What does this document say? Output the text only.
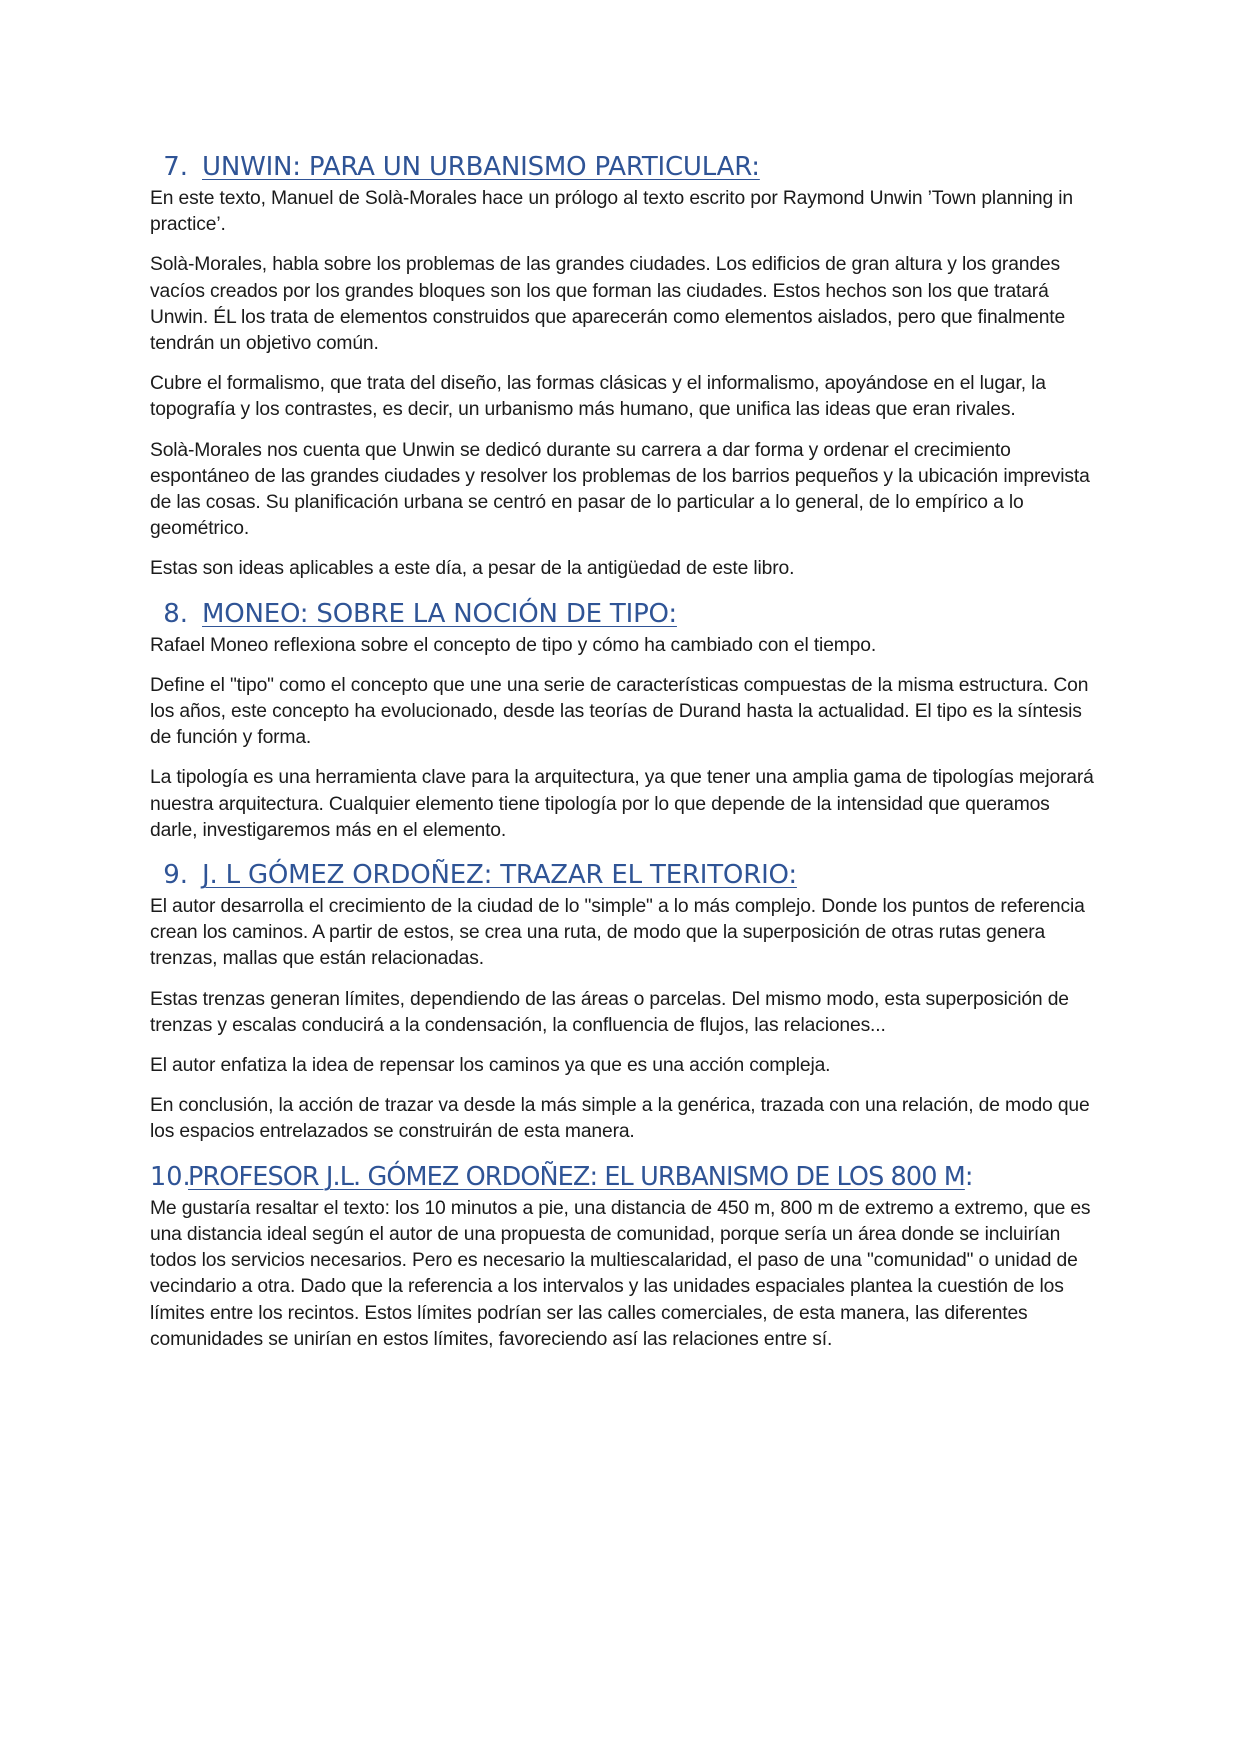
7. UNWIN: PARA UN URBANISMO PARTICULAR:

En este texto, Manuel de Solà-Morales hace un prólogo al texto escrito por Raymond Unwin ’Town planning in practice’.

Solà-Morales, habla sobre los problemas de las grandes ciudades. Los edificios de gran altura y los grandes vacíos creados por los grandes bloques son los que forman las ciudades. Estos hechos son los que tratará Unwin. ÉL los trata de elementos construidos que aparecerán como elementos aislados, pero que finalmente tendrán un objetivo común.

Cubre el formalismo, que trata del diseño, las formas clásicas y el informalismo, apoyándose en el lugar, la topografía y los contrastes, es decir, un urbanismo más humano, que unifica las ideas que eran rivales.

Solà-Morales nos cuenta que Unwin se dedicó durante su carrera a dar forma y ordenar el crecimiento espontáneo de las grandes ciudades y resolver los problemas de los barrios pequeños y la ubicación imprevista de las cosas. Su planificación urbana se centró en pasar de lo particular a lo general, de lo empírico a lo geométrico.

Estas son ideas aplicables a este día, a pesar de la antigüedad de este libro.

8. MONEO: SOBRE LA NOCIÓN DE TIPO:

Rafael Moneo reflexiona sobre el concepto de tipo y cómo ha cambiado con el tiempo.

Define el "tipo" como el concepto que une una serie de características compuestas de la misma estructura. Con los años, este concepto ha evolucionado, desde las teorías de Durand hasta la actualidad. El tipo es la síntesis de función y forma.

La tipología es una herramienta clave para la arquitectura, ya que tener una amplia gama de tipologías mejorará nuestra arquitectura. Cualquier elemento tiene tipología por lo que depende de la intensidad que queramos darle, investigaremos más en el elemento.

9. J. L GÓMEZ ORDOÑEZ: TRAZAR EL TERITORIO:

El autor desarrolla el crecimiento de la ciudad de lo "simple" a lo más complejo. Donde los puntos de referencia crean los caminos. A partir de estos, se crea una ruta, de modo que la superposición de otras rutas genera trenzas, mallas que están relacionadas.

Estas trenzas generan límites, dependiendo de las áreas o parcelas. Del mismo modo, esta superposición de trenzas y escalas conducirá a la condensación, la confluencia de flujos, las relaciones...

El autor enfatiza la idea de repensar los caminos ya que es una acción compleja.

En conclusión, la acción de trazar va desde la más simple a la genérica, trazada con una relación, de modo que los espacios entrelazados se construirán de esta manera.

10.PROFESOR J.L. GÓMEZ ORDOÑEZ: EL URBANISMO DE LOS 800 M:

Me gustaría resaltar el texto: los 10 minutos a pie, una distancia de 450 m, 800 m de extremo a extremo, que es una distancia ideal según el autor de una propuesta de comunidad, porque sería un área donde se incluirían todos los servicios necesarios. Pero es necesario la multiescalaridad, el paso de una "comunidad" o unidad de vecindario a otra. Dado que la referencia a los intervalos y las unidades espaciales plantea la cuestión de los límites entre los recintos. Estos límites podrían ser las calles comerciales, de esta manera, las diferentes comunidades se unirían en estos límites, favoreciendo así las relaciones entre sí.
